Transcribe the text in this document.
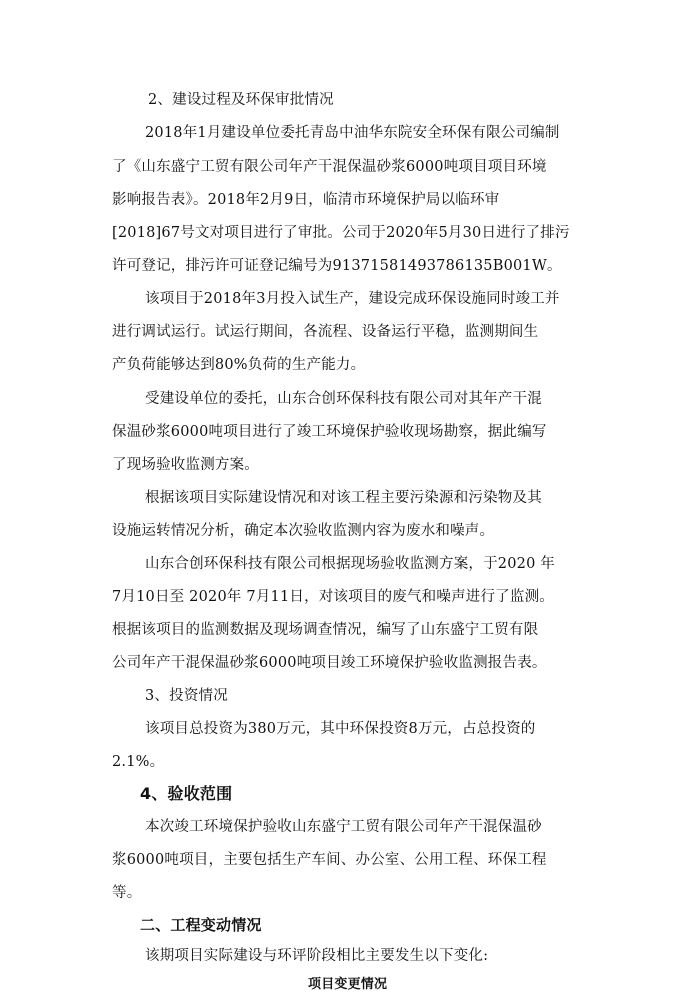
2、建设过程及环保审批情况
2018年1月建设单位委托青岛中油华东院安全环保有限公司编制
了《山东盛宁工贸有限公司年产干混保温砂浆6000吨项目项目环境
影响报告表》。2018年2月9日，临清市环境保护局以临环审
[2018]67号文对项目进行了审批。公司于2020年5月30日进行了排污
许可登记，排污许可证登记编号为913715814937861​35B001W。
该项目于2018年3月投入试生产，建设完成环保设施同时竣工并
进行调试运行。试运行期间，各流程、设备运行平稳，监测期间生
产负荷能够达到80%负荷的生产能力。
受建设单位的委托，山东合创环保科技有限公司对其年产干混
保温砂浆6000吨项目进行了竣工环境保护验收现场勘察，据此编写
了现场验收监测方案。
根据该项目实际建设情况和对该工程主要污染源和污染物及其
设施运转情况分析，确定本次验收监测内容为废水和噪声。
山东合创环保科技有限公司根据现场验收监测方案，于2020 年
7月10日至 2020年 7月11日，对该项目的废气和噪声进行了监测。
根据该项目的监测数据及现场调查情况，编写了山东盛宁工贸有限
公司年产干混保温砂浆6000吨项目竣工环境保护验收监测报告表。
3、投资情况
该项目总投资为380万元，其中环保投资8万元，占总投资的
2.1%。
4、验收范围
本次竣工环境保护验收山东盛宁工贸有限公司年产干混保温砂
浆6000吨项目，主要包括生产车间、办公室、公用工程、环保工程
等。
二、工程变动情况
该期项目实际建设与环评阶段相比主要发生以下变化:
项目变更情况
